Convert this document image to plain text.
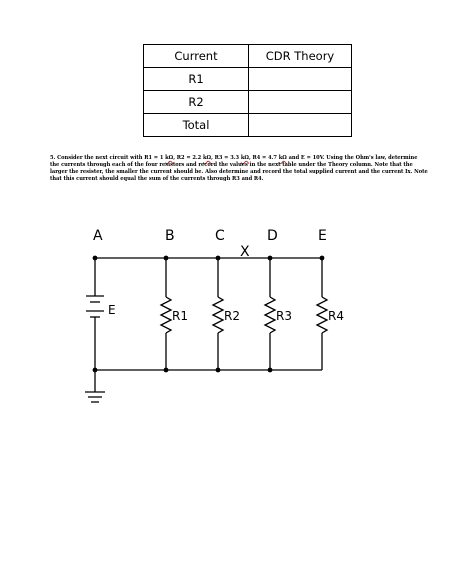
Current	CDR Theory
R1	
R2	
Total	

5. Consider the next circuit with R1 = 1 kΩ, R2 = 2.2 kΩ, R3 = 3.3 kΩ, R4 = 4.7 kΩ and E = 10V. Using the Ohm's law, determine the currents through each of the four resistors and record the values in the next table under the Theory column. Note that the larger the resister, the smaller the current should be. Also determine and record the total supplied current and the current Ix. Note that this current should equal the sum of the currents through R3 and R4.

A	B	C	D	E
X
E	R1	R2	R3	R4
